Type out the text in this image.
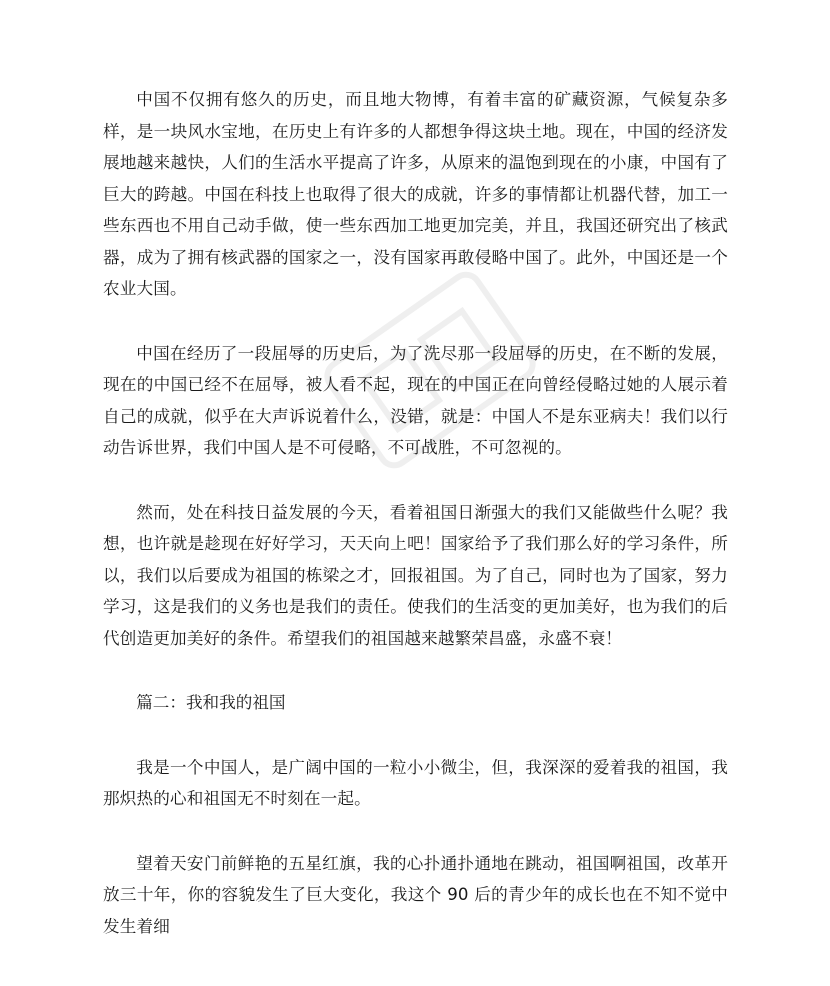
中国不仅拥有悠久的历史，而且地大物博，有着丰富的矿藏资源，气候复杂多样，是一块风水宝地，在历史上有许多的人都想争得这块土地。现在，中国的经济发展地越来越快，人们的生活水平提高了许多，从原来的温饱到现在的小康，中国有了巨大的跨越。中国在科技上也取得了很大的成就，许多的事情都让机器代替，加工一些东西也不用自己动手做，使一些东西加工地更加完美，并且，我国还研究出了核武器，成为了拥有核武器的国家之一，没有国家再敢侵略中国了。此外，中国还是一个农业大国。

中国在经历了一段屈辱的历史后，为了洗尽那一段屈辱的历史，在不断的发展，现在的中国已经不在屈辱，被人看不起，现在的中国正在向曾经侵略过她的人展示着自己的成就，似乎在大声诉说着什么，没错，就是：中国人不是东亚病夫！我们以行动告诉世界，我们中国人是不可侵略，不可战胜，不可忽视的。

然而，处在科技日益发展的今天，看着祖国日渐强大的我们又能做些什么呢？我想，也许就是趁现在好好学习，天天向上吧！国家给予了我们那么好的学习条件，所以，我们以后要成为祖国的栋梁之才，回报祖国。为了自己，同时也为了国家，努力学习，这是我们的义务也是我们的责任。使我们的生活变的更加美好，也为我们的后代创造更加美好的条件。希望我们的祖国越来越繁荣昌盛，永盛不衰！

篇二：我和我的祖国

我是一个中国人，是广阔中国的一粒小小微尘，但，我深深的爱着我的祖国，我那炽热的心和祖国无不时刻在一起。

望着天安门前鲜艳的五星红旗，我的心扑通扑通地在跳动，祖国啊祖国，改革开放三十年，你的容貌发生了巨大变化，我这个 90 后的青少年的成长也在不知不觉中发生着细
